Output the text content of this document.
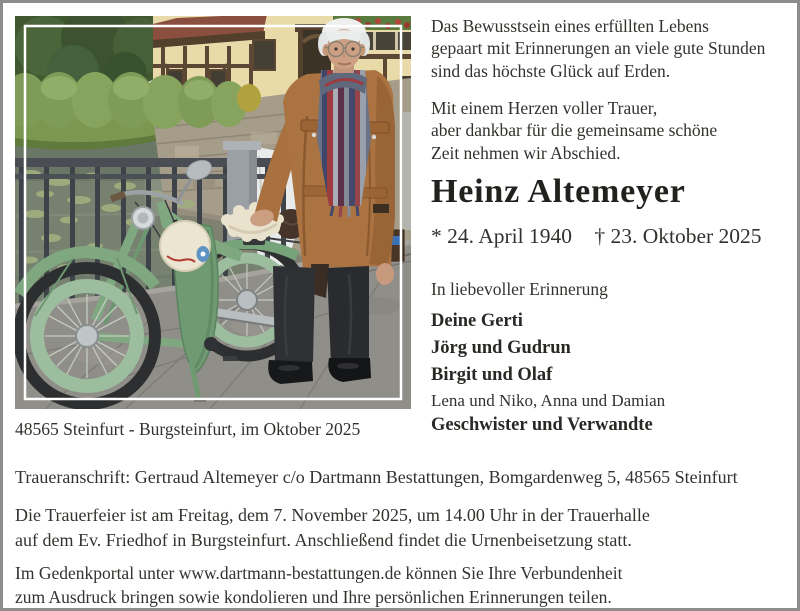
48565 Steinfurt - Burgsteinfurt, im Oktober 2025
Das Bewusstsein eines erfüllten Lebens
gepaart mit Erinnerungen an viele gute Stunden
sind das höchste Glück auf Erden.
Mit einem Herzen voller Trauer,
aber dankbar für die gemeinsame schöne
Zeit nehmen wir Abschied.
Heinz Altemeyer
* 24. April 1940 † 23. Oktober 2025
In liebevoller Erinnerung
Deine Gerti
Jörg und Gudrun
Birgit und Olaf
Lena und Niko, Anna und Damian
Geschwister und Verwandte
Traueranschrift: Gertraud Altemeyer c/o Dartmann Bestattungen, Bomgardenweg 5, 48565 Steinfurt
Die Trauerfeier ist am Freitag, dem 7. November 2025, um 14.00 Uhr in der Trauerhalle
auf dem Ev. Friedhof in Burgsteinfurt. Anschließend findet die Urnenbeisetzung statt.
Im Gedenkportal unter www.dartmann-bestattungen.de können Sie Ihre Verbundenheit
zum Ausdruck bringen sowie kondolieren und Ihre persönlichen Erinnerungen teilen.
